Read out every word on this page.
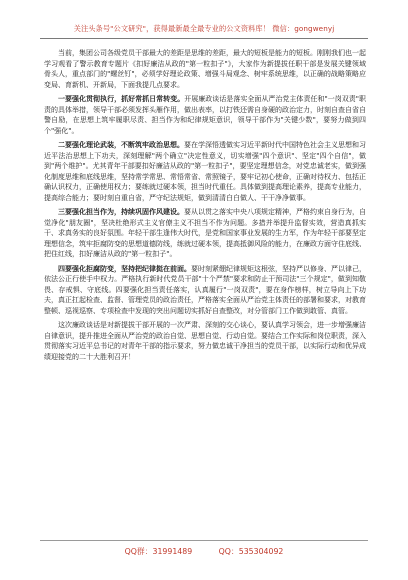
关注头条号"公文研究"，获得最新最全最专业的公文资料库！ 微信：gongwenyj

当前，集团公司各级党员干部最大的差距是思维的差距，最大的短板是能力的短板。刚刚我们也一起学习观看了警示教育专题片《扣好廉洁从政的"第一粒扣子"》，大家作为新提拔任职干部是发展关键领域骨头人，重点部门的"螺丝钉"，必须学好理论政策、增强斗局观念、树牢系统思维，以正确的战略策略应变局、育新机、开新局，下面我提几点要求。

一要强化贯彻执行，抓好常抓日常转变。开展廉政谈话是落实全面从严治党主体责任和"一岗双责"职责的具体举措，领导干部必须发挥头雁作用，做出表率，以打铁还需自身硬的政治定力，时刻自查自省自警自励，在思想上筑牢履职尽责、担当作为和纪律规矩意识，领导干部作为"关键少数"，要努力做到四个"强化"。

二要强化理论武装，不断筑牢政治思想。要在学深悟透做实习近平新时代中国特色社会主义思想和习近平法治思想上下功夫，深刻理解"两个确立"决定性意义，切实增强"四个意识"、坚定"四个自信"，做到"两个维护"。尤其青年干部要扣好廉洁从政的"第一粒扣子"，要坚定理想信念，对党忠诚老实，做到强化制度思维和底线思维，坚持常学常思、常悟常省、常照镜子，要牢记初心使命，正确对待权力、包括正确认识权力，正确使用权力；要练就过硬本领，担当时代重任。具体做到提高理论素养，提高专业能力，提高综合能力；要时刻自重自省，严守纪法规矩，做到清清白白做人、干干净净做事。

三要强化担当作为，持续巩固作风建设。要从以贯之落实中央八项规定精神，严格约束自身行为，自觉净化"朋友圈"，坚决杜绝形式主义官僚主义不担当不作为问题。多措并举提升监督实效，营造真抓实干、求真务实的良好氛围。年轻干部生逢伟大时代，是党和国家事业发展的生力军，作为年轻干部要坚定理想信念，筑牢拒腐防变的思想道德防线，练就过硬本领，提高抵御风险的能力，在廉政方面守住底线、把住红线，扣好廉洁从政的"第一粒扣子"。

四要强化拒腐防变，坚持把纪律挺在前面。要时刻紧绷纪律规矩这根弦，坚持严以修身、严以律己，依法公正行使手中权力。严格执行新时代党员干部"十个严禁"要求和防止干预司法"三个规定"，做到知敬畏、存戒惧、守底线。四要强化担当责任落实，认真履行"一岗双责"，要在身作榜样，树立导向上下功夫，真正扛起检查、监督、管理党员的政治责任，严格落实全面从严治党主体责任的部署和要求，对教育整顿、巡视巡察、专项检查中发现的突出问题切实抓好自查整改，对分管部门工作做到敢管、真管。

这次廉政谈话是对新提拔干部开展的一次严肃、深刻的交心谈心，要认真学习领会，进一步增强廉洁自律意识，提升推进全面从严治党的政治自觉、思想自觉、行动自觉。要结合工作实际和岗位职责，深入贯彻落实习近平总书记的对青年干部的指示要求，努力做忠诚干净担当的党员干部，以实际行动和优异成绩迎接党的二十大胜利召开！

QQ群：31991489	QQ：535304092
